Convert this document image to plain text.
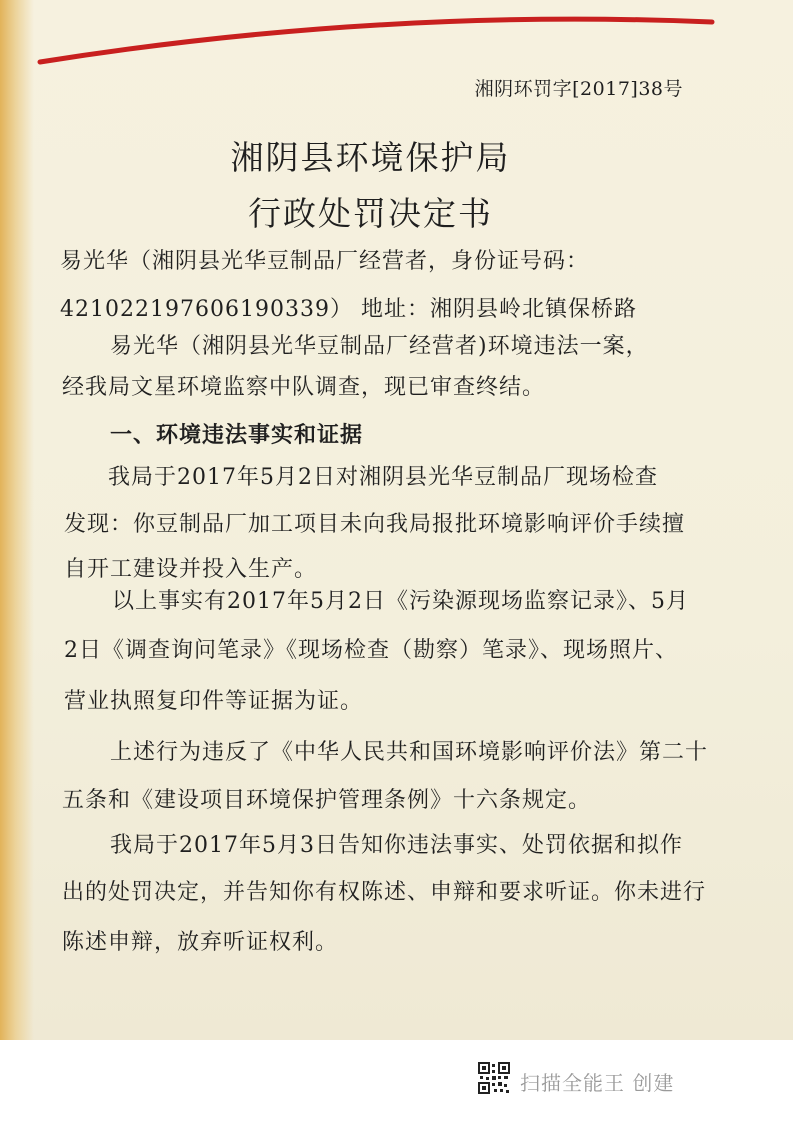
湘阴环罚字[2017]38号
湘阴县环境保护局
行政处罚决定书
易光华（湘阴县光华豆制品厂经营者，身份证号码：
421022197606190339） 地址：湘阴县岭北镇保桥路
易光华（湘阴县光华豆制品厂经营者)环境违法一案，
经我局文星环境监察中队调查，现已审查终结。
一、环境违法事实和证据
我局于2017年5月2日对湘阴县光华豆制品厂现场检查
发现：你豆制品厂加工项目未向我局报批环境影响评价手续擅
自开工建设并投入生产。
以上事实有2017年5月2日《污染源现场监察记录》、5月
2日《调查询问笔录》《现场检查（勘察）笔录》、现场照片、
营业执照复印件等证据为证。
上述行为违反了《中华人民共和国环境影响评价法》第二十
五条和《建设项目环境保护管理条例》十六条规定。
我局于2017年5月3日告知你违法事实、处罚依据和拟作
出的处罚决定，并告知你有权陈述、申辩和要求听证。你未进行
陈述申辩，放弃听证权利。
扫描全能王 创建
